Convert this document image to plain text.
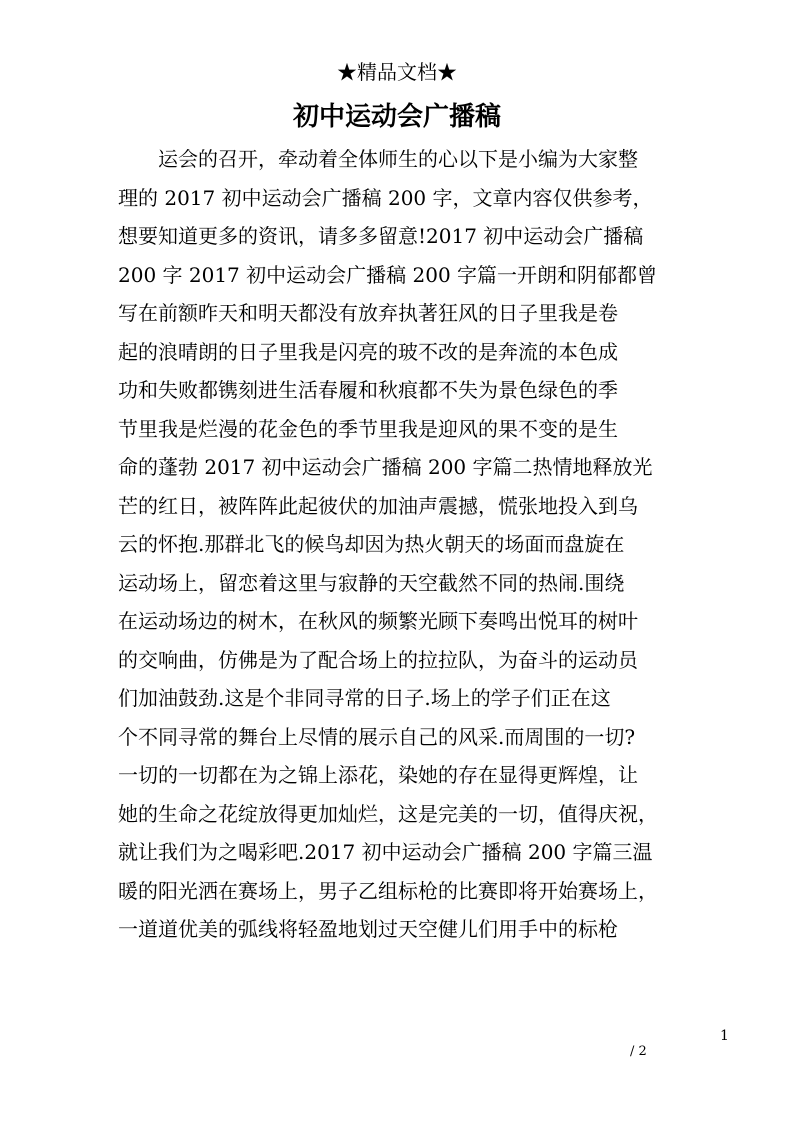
★精品文档★
初中运动会广播稿
　　运会的召开，牵动着全体师生的心以下是小编为大家整
理的 2017 初中运动会广播稿 200 字，文章内容仅供参考，
想要知道更多的资讯，请多多留意!2017 初中运动会广播稿
200 字 2017 初中运动会广播稿 200 字篇一开朗和阴郁都曾
写在前额昨天和明天都没有放弃执著狂风的日子里我是卷
起的浪晴朗的日子里我是闪亮的玻不改的是奔流的本色成
功和失败都镌刻进生活春履和秋痕都不失为景色绿色的季
节里我是烂漫的花金色的季节里我是迎风的果不变的是生
命的蓬勃 2017 初中运动会广播稿 200 字篇二热情地释放光
芒的红日，被阵阵此起彼伏的加油声震撼，慌张地投入到乌
云的怀抱.那群北飞的候鸟却因为热火朝天的场面而盘旋在
运动场上，留恋着这里与寂静的天空截然不同的热闹.围绕
在运动场边的树木，在秋风的频繁光顾下奏鸣出悦耳的树叶
的交响曲，仿佛是为了配合场上的拉拉队，为奋斗的运动员
们加油鼓劲.这是个非同寻常的日子.场上的学子们正在这
个不同寻常的舞台上尽情的展示自己的风采.而周围的一切?
一切的一切都在为之锦上添花，染她的存在显得更辉煌，让
她的生命之花绽放得更加灿烂，这是完美的一切，值得庆祝，
就让我们为之喝彩吧.2017 初中运动会广播稿 200 字篇三温
暖的阳光洒在赛场上，男子乙组标枪的比赛即将开始赛场上，
一道道优美的弧线将轻盈地划过天空健儿们用手中的标枪
1
/ 2
